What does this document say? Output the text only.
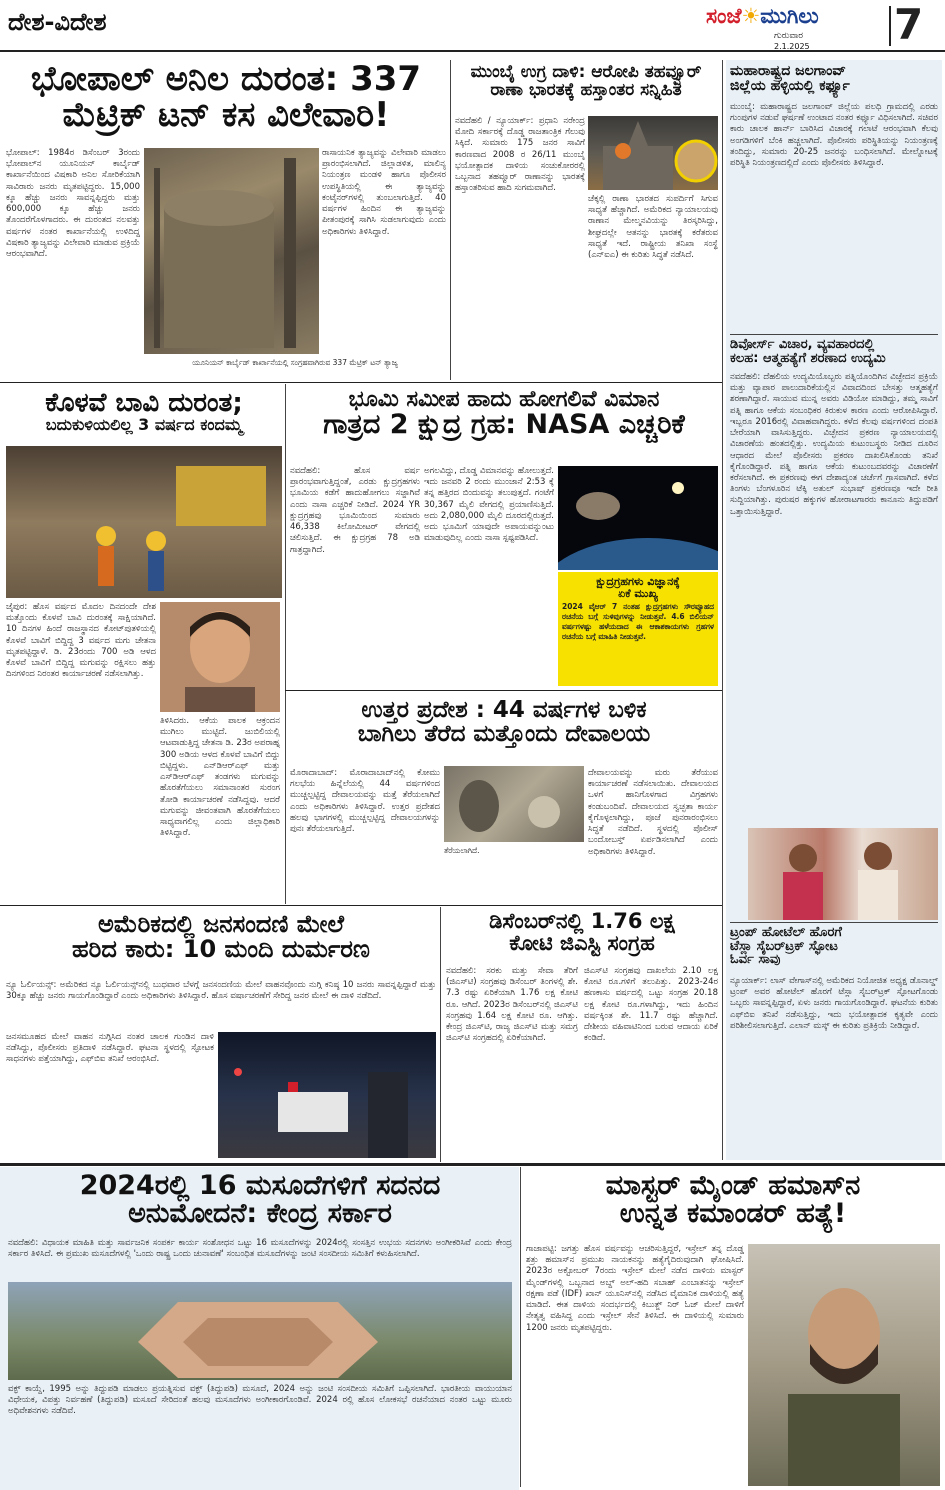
ದೇಶ-ವಿದೇಶ	ಸಂಜೆ☀ಮುಗಿಲು
ಗುರುವಾರ
2.1.2025 7
ಭೋಪಾಲ್ ಅನಿಲ ದುರಂತ: 337
ಮೆಟ್ರಿಕ್ ಟನ್ ಕಸ ವಿಲೇವಾರಿ!
ಭೋಪಾಲ್: 1984ರ ಡಿಸೆಂಬರ್ 3ರಂದು ಭೋಪಾಲ್‌ನ ಯೂನಿಯನ್ ಕಾರ್ಬೈಡ್ ಕಾರ್ಖಾನೆಯಿಂದ ವಿಷಕಾರಿ ಅನಿಲ ಸೋರಿಕೆಯಾಗಿ ಸಾವಿರಾರು ಜನರು ಮೃತಪಟ್ಟಿದ್ದರು. 15,000 ಕ್ಕೂ ಹೆಚ್ಚು ಜನರು ಸಾವನ್ನಪ್ಪಿದ್ದರು ಮತ್ತು 600,000 ಕ್ಕೂ ಹೆಚ್ಚು ಜನರು ತೊಂದರೆಗೊಳಗಾದರು. ಈ ದುರಂತದ ನಲವತ್ತು ವರ್ಷಗಳ ನಂತರ ಕಾರ್ಖಾನೆಯಲ್ಲಿ ಉಳಿದಿದ್ದ ವಿಷಕಾರಿ ತ್ಯಾಜ್ಯವನ್ನು ವಿಲೇವಾರಿ ಮಾಡುವ ಪ್ರಕ್ರಿಯೆ ಆರಂಭವಾಗಿದೆ.
ರಾಸಾಯನಿಕ ತ್ಯಾಜ್ಯವನ್ನು ವಿಲೇವಾರಿ ಮಾಡಲು ಪ್ರಾರಂಭಿಸಲಾಗಿದೆ. ಜಿಲ್ಲಾಡಳಿತ, ಮಾಲಿನ್ಯ ನಿಯಂತ್ರಣ ಮಂಡಳಿ ಹಾಗೂ ಪೊಲೀಸರ ಉಪಸ್ಥಿತಿಯಲ್ಲಿ ಈ ತ್ಯಾಜ್ಯವನ್ನು ಕಂಟೈನರ್‌ಗಳಲ್ಲಿ ತುಂಬಲಾಗುತ್ತಿದೆ. 40 ವರ್ಷಗಳ ಹಿಂದಿನ ಈ ತ್ಯಾಜ್ಯವನ್ನು ಪೀತಂಪುರಕ್ಕೆ ಸಾಗಿಸಿ ಸುಡಲಾಗುವುದು ಎಂದು ಅಧಿಕಾರಿಗಳು ತಿಳಿಸಿದ್ದಾರೆ.
ಯೂನಿಯನ್ ಕಾರ್ಬೈಡ್ ಕಾರ್ಖಾನೆಯಲ್ಲಿ ಸಂಗ್ರಹವಾಗಿರುವ 337 ಮೆಟ್ರಿಕ್ ಟನ್ ತ್ಯಾಜ್ಯ
ಮುಂಬೈ ಉಗ್ರ ದಾಳಿ: ಆರೋಪಿ ತಹವ್ವೂರ್
ರಾಣಾ ಭಾರತಕ್ಕೆ ಹಸ್ತಾಂತರ ಸನ್ನಿಹಿತ
ನವದೆಹಲಿ / ನ್ಯೂಯಾರ್ಕ್: ಪ್ರಧಾನಿ ನರೇಂದ್ರ ಮೋದಿ ಸರ್ಕಾರಕ್ಕೆ ದೊಡ್ಡ ರಾಜತಾಂತ್ರಿಕ ಗೆಲುವು ಸಿಕ್ಕಿದೆ. ಸುಮಾರು 175 ಜನರ ಸಾವಿಗೆ ಕಾರಣವಾದ 2008 ರ 26/11 ಮುಂಬೈ ಭಯೋತ್ಪಾದಕ ದಾಳಿಯ ಸಂಚುಕೋರರಲ್ಲಿ ಒಬ್ಬನಾದ ತಹವ್ವೂರ್ ರಾಣಾನನ್ನು ಭಾರತಕ್ಕೆ ಹಸ್ತಾಂತರಿಸುವ ಹಾದಿ ಸುಗಮವಾಗಿದೆ.
ಚೆಕ್ಕಲ್ಲಿ ರಾಣಾ ಭಾರತದ ಸುಪರ್ದಿಗೆ ಸಿಗುವ ಸಾಧ್ಯತೆ ಹೆಚ್ಚಾಗಿದೆ. ಅಮೆರಿಕದ ನ್ಯಾಯಾಲಯವು ರಾಣಾನ ಮೇಲ್ಮನವಿಯನ್ನು ತಿರಸ್ಕರಿಸಿದ್ದು, ಶೀಘ್ರದಲ್ಲೇ ಆತನನ್ನು ಭಾರತಕ್ಕೆ ಕರೆತರುವ ಸಾಧ್ಯತೆ ಇದೆ. ರಾಷ್ಟ್ರೀಯ ತನಿಖಾ ಸಂಸ್ಥೆ (ಎನ್‌ಐಎ) ಈ ಕುರಿತು ಸಿದ್ಧತೆ ನಡೆಸಿದೆ.
ಮಹಾರಾಷ್ಟ್ರದ ಜಲಗಾಂವ್
ಜಿಲ್ಲೆಯ ಹಳ್ಳಿಯಲ್ಲಿ ಕರ್ಫ್ಯೂ
ಮುಂಬೈ: ಮಹಾರಾಷ್ಟ್ರದ ಜಲಗಾಂವ್ ಜಿಲ್ಲೆಯ ಪಲಧಿ ಗ್ರಾಮದಲ್ಲಿ ಎರಡು ಗುಂಪುಗಳ ನಡುವೆ ಘರ್ಷಣೆ ಉಂಟಾದ ನಂತರ ಕರ್ಫ್ಯೂ ವಿಧಿಸಲಾಗಿದೆ. ಸಚಿವರ ಕಾರು ಚಾಲಕ ಹಾರ್ನ್ ಬಾರಿಸಿದ ವಿಚಾರಕ್ಕೆ ಗಲಾಟೆ ಆರಂಭವಾಗಿ ಕೆಲವು ಅಂಗಡಿಗಳಿಗೆ ಬೆಂಕಿ ಹಚ್ಚಲಾಗಿದೆ. ಪೊಲೀಸರು ಪರಿಸ್ಥಿತಿಯನ್ನು ನಿಯಂತ್ರಣಕ್ಕೆ ತಂದಿದ್ದು, ಸುಮಾರು 20-25 ಜನರನ್ನು ಬಂಧಿಸಲಾಗಿದೆ. ಮೇಲ್ನೋಟಕ್ಕೆ ಪರಿಸ್ಥಿತಿ ನಿಯಂತ್ರಣದಲ್ಲಿದೆ ಎಂದು ಪೊಲೀಸರು ತಿಳಿಸಿದ್ದಾರೆ.
ಡಿವೋರ್ಸ್ ವಿಚಾರ, ವ್ಯವಹಾರದಲ್ಲಿ
ಕಲಹ: ಆತ್ಮಹತ್ಯೆಗೆ ಶರಣಾದ ಉದ್ಯಮಿ
ನವದೆಹಲಿ: ದೆಹಲಿಯ ಉದ್ಯಮಿಯೊಬ್ಬರು ಪತ್ನಿಯೊಂದಿಗಿನ ವಿಚ್ಛೇದನ ಪ್ರಕ್ರಿಯೆ ಮತ್ತು ವ್ಯಾಪಾರ ಪಾಲುದಾರಿಕೆಯಲ್ಲಿನ ವಿವಾದದಿಂದ ಬೇಸತ್ತು ಆತ್ಮಹತ್ಯೆಗೆ ಶರಣಾಗಿದ್ದಾರೆ. ಸಾಯುವ ಮುನ್ನ ಅವರು ವಿಡಿಯೋ ಮಾಡಿದ್ದು, ತಮ್ಮ ಸಾವಿಗೆ ಪತ್ನಿ ಹಾಗೂ ಆಕೆಯ ಸಂಬಂಧಿಕರ ಕಿರುಕುಳ ಕಾರಣ ಎಂದು ಆರೋಪಿಸಿದ್ದಾರೆ. ಇಬ್ಬರೂ 2016ರಲ್ಲಿ ವಿವಾಹವಾಗಿದ್ದರು. ಕಳೆದ ಕೆಲವು ವರ್ಷಗಳಿಂದ ದಂಪತಿ ಬೇರೆಯಾಗಿ ವಾಸಿಸುತ್ತಿದ್ದರು. ವಿಚ್ಛೇದನ ಪ್ರಕರಣ ನ್ಯಾಯಾಲಯದಲ್ಲಿ ವಿಚಾರಣೆಯ ಹಂತದಲ್ಲಿತ್ತು. ಉದ್ಯಮಿಯ ಕುಟುಂಬಸ್ಥರು ನೀಡಿದ ದೂರಿನ ಆಧಾರದ ಮೇಲೆ ಪೊಲೀಸರು ಪ್ರಕರಣ ದಾಖಲಿಸಿಕೊಂಡು ತನಿಖೆ ಕೈಗೊಂಡಿದ್ದಾರೆ. ಪತ್ನಿ ಹಾಗೂ ಆಕೆಯ ಕುಟುಂಬದವರನ್ನು ವಿಚಾರಣೆಗೆ ಕರೆಸಲಾಗಿದೆ. ಈ ಪ್ರಕರಣವು ಈಗ ದೇಶಾದ್ಯಂತ ಚರ್ಚೆಗೆ ಗ್ರಾಸವಾಗಿದೆ. ಕಳೆದ ತಿಂಗಳು ಬೆಂಗಳೂರಿನ ಟೆಕ್ಕಿ ಅತುಲ್ ಸುಭಾಷ್ ಪ್ರಕರಣವೂ ಇದೇ ರೀತಿ ಸುದ್ದಿಯಾಗಿತ್ತು. ಪುರುಷರ ಹಕ್ಕುಗಳ ಹೋರಾಟಗಾರರು ಕಾನೂನು ತಿದ್ದುಪಡಿಗೆ ಒತ್ತಾಯಿಸುತ್ತಿದ್ದಾರೆ.
ಟ್ರಂಪ್ ಹೋಟೆಲ್ ಹೊರಗೆ
ಟೆಸ್ಲಾ ಸೈಬರ್‌ಟ್ರಕ್ ಸ್ಫೋಟ
ಓರ್ವ ಸಾವು
ನ್ಯೂಯಾರ್ಕ್: ಲಾಸ್ ವೇಗಾಸ್‌ನಲ್ಲಿ ಅಮೆರಿಕದ ನಿಯೋಜಿತ ಅಧ್ಯಕ್ಷ ಡೊನಾಲ್ಡ್ ಟ್ರಂಪ್ ಅವರ ಹೋಟೆಲ್ ಹೊರಗೆ ಟೆಸ್ಲಾ ಸೈಬರ್‌ಟ್ರಕ್ ಸ್ಫೋಟಗೊಂಡು ಒಬ್ಬರು ಸಾವನ್ನಪ್ಪಿದ್ದಾರೆ, ಏಳು ಜನರು ಗಾಯಗೊಂಡಿದ್ದಾರೆ. ಘಟನೆಯ ಕುರಿತು ಎಫ್‌ಬಿಐ ತನಿಖೆ ನಡೆಸುತ್ತಿದ್ದು, ಇದು ಭಯೋತ್ಪಾದಕ ಕೃತ್ಯವೇ ಎಂದು ಪರಿಶೀಲಿಸಲಾಗುತ್ತಿದೆ. ಎಲಾನ್ ಮಸ್ಕ್ ಈ ಕುರಿತು ಪ್ರತಿಕ್ರಿಯೆ ನೀಡಿದ್ದಾರೆ.
ಕೊಳವೆ ಬಾವಿ ದುರಂತ;
ಬದುಕುಳಿಯಲಿಲ್ಲ 3 ವರ್ಷದ ಕಂದಮ್ಮ
ಜೈಪುರ: ಹೊಸ ವರ್ಷದ ಮೊದಲ ದಿನದಂದೇ ದೇಶ ಮತ್ತೊಂದು ಕೊಳವೆ ಬಾವಿ ದುರಂತಕ್ಕೆ ಸಾಕ್ಷಿಯಾಗಿದೆ. 10 ದಿನಗಳ ಹಿಂದೆ ರಾಜಸ್ಥಾನದ ಕೋಟ್‌ಪುತಳಿಯಲ್ಲಿ ಕೊಳವೆ ಬಾವಿಗೆ ಬಿದ್ದಿದ್ದ 3 ವರ್ಷದ ಮಗು ಚೇತನಾ ಮೃತಪಟ್ಟಿದ್ದಾಳೆ. ಡಿ. 23ರಂದು 700 ಅಡಿ ಆಳದ ಕೊಳವೆ ಬಾವಿಗೆ ಬಿದ್ದಿದ್ದ ಮಗುವನ್ನು ರಕ್ಷಿಸಲು ಹತ್ತು ದಿನಗಳಿಂದ ನಿರಂತರ ಕಾರ್ಯಾಚರಣೆ ನಡೆಸಲಾಗಿತ್ತು.
ತಿಳಿಸಿದರು. ಆಕೆಯ ಪಾಲಕ ಆಕ್ರಂದನ ಮುಗಿಲು ಮುಟ್ಟಿದೆ. ಜುಬಿಲಿಯಲ್ಲಿ ಆಟವಾಡುತ್ತಿದ್ದ ಚೇತನಾ ಡಿ. 23ರ ಅಪರಾಹ್ನ 300 ಅಡಿಯ ಆಳದ ಕೊಳವೆ ಬಾವಿಗೆ ಬಿದ್ದು ಬಿಟ್ಟಿದ್ದಳು. ಎನ್‌ಡಿಆರ್‌ಎಫ್ ಮತ್ತು ಎಸ್‌ಡಿಆರ್‌ಎಫ್ ತಂಡಗಳು ಮಗುವನ್ನು ಹೊರತೆಗೆಯಲು ಸಮಾನಾಂತರ ಸುರಂಗ ತೋಡಿ ಕಾರ್ಯಾಚರಣೆ ನಡೆಸಿದ್ದವು. ಆದರೆ ಮಗುವನ್ನು ಜೀವಂತವಾಗಿ ಹೊರತೆಗೆಯಲು ಸಾಧ್ಯವಾಗಲಿಲ್ಲ ಎಂದು ಜಿಲ್ಲಾಧಿಕಾರಿ ತಿಳಿಸಿದ್ದಾರೆ.
ಭೂಮಿ ಸಮೀಪ ಹಾದು ಹೋಗಲಿವೆ ವಿಮಾನ
ಗಾತ್ರದ 2 ಕ್ಷುದ್ರ ಗ್ರಹ: NASA ಎಚ್ಚರಿಕೆ
ನವದೆಹಲಿ: ಹೊಸ ವರ್ಷ ಪ್ರಾರಂಭವಾಗುತ್ತಿದ್ದಂತೆ, ಎರಡು ಕ್ಷುದ್ರಗ್ರಹಗಳು ಭೂಮಿಯ ಕಡೆಗೆ ಹಾದುಹೋಗಲು ಸಜ್ಜಾಗಿವೆ ಎಂದು ನಾಸಾ ಎಚ್ಚರಿಕೆ ನೀಡಿದೆ. 2024 YR ಕ್ಷುದ್ರಗ್ರಹವು ಭೂಮಿಯಿಂದ ಸುಮಾರು 46,338 ಕಿಲೋಮೀಟರ್ ವೇಗದಲ್ಲಿ ಚಲಿಸುತ್ತಿದೆ. ಈ ಕ್ಷುದ್ರಗ್ರಹ 78 ಅಡಿ ಗಾತ್ರದ್ದಾಗಿದೆ.
ಅಗಲವಿದ್ದು, ದೊಡ್ಡ ವಿಮಾನವನ್ನು ಹೋಲುತ್ತದೆ. ಇದು ಜನವರಿ 2 ರಂದು ಮುಂಜಾನೆ 2:53 ಕ್ಕೆ ತನ್ನ ಹತ್ತಿರದ ಬಿಂದುವನ್ನು ತಲುಪುತ್ತದೆ. ಗಂಟೆಗೆ 30,367 ಮೈಲಿ ವೇಗದಲ್ಲಿ ಪ್ರಯಾಣಿಸುತ್ತಿದೆ. ಅದು 2,080,000 ಮೈಲಿ ದೂರದಲ್ಲಿರುತ್ತದೆ. ಅದು ಭೂಮಿಗೆ ಯಾವುದೇ ಅಪಾಯವನ್ನುಂಟು ಮಾಡುವುದಿಲ್ಲ ಎಂದು ನಾಸಾ ಸ್ಪಷ್ಟಪಡಿಸಿದೆ.
ಕ್ಷುದ್ರಗ್ರಹಗಳು ವಿಜ್ಞಾನಕ್ಕೆ
ಏಕೆ ಮುಖ್ಯ
2024 ವೈಆರ್ 7 ನಂತಹ ಕ್ಷುದ್ರಗ್ರಹಗಳು ಸೌರವ್ಯೂಹದ ರಚನೆಯ ಬಗ್ಗೆ ಸುಳಿವುಗಳನ್ನು ನೀಡುತ್ತವೆ. 4.6 ಬಿಲಿಯನ್ ವರ್ಷಗಳಷ್ಟು ಹಳೆಯದಾದ ಈ ಆಕಾಶಕಾಯಗಳು ಗ್ರಹಗಳ ರಚನೆಯ ಬಗ್ಗೆ ಮಾಹಿತಿ ನೀಡುತ್ತವೆ.
ಉತ್ತರ ಪ್ರದೇಶ : 44 ವರ್ಷಗಳ ಬಳಿಕ
ಬಾಗಿಲು ತೆರೆದ ಮತ್ತೊಂದು ದೇವಾಲಯ
ಮೊರಾದಾಬಾದ್: ಮೊರಾದಾಬಾದ್‌ನಲ್ಲಿ ಕೋಮು ಗಲಭೆಯ ಹಿನ್ನೆಲೆಯಲ್ಲಿ 44 ವರ್ಷಗಳಿಂದ ಮುಚ್ಚಲ್ಪಟ್ಟಿದ್ದ ದೇವಾಲಯವನ್ನು ಮತ್ತೆ ತೆರೆಯಲಾಗಿದೆ ಎಂದು ಅಧಿಕಾರಿಗಳು ತಿಳಿಸಿದ್ದಾರೆ. ಉತ್ತರ ಪ್ರದೇಶದ ಹಲವು ಭಾಗಗಳಲ್ಲಿ ಮುಚ್ಚಲ್ಪಟ್ಟಿದ್ದ ದೇವಾಲಯಗಳನ್ನು ಪುನಃ ತೆರೆಯಲಾಗುತ್ತಿದೆ.
ತೆರೆಯಲಾಗಿದೆ.
ದೇವಾಲಯವನ್ನು ಮರು ತೆರೆಯುವ ಕಾರ್ಯಾಚರಣೆ ನಡೆಸಲಾಯಿತು. ದೇವಾಲಯದ ಒಳಗೆ ಹಾನಿಗೊಳಗಾದ ವಿಗ್ರಹಗಳು ಕಂಡುಬಂದಿವೆ. ದೇವಾಲಯದ ಸ್ವಚ್ಛತಾ ಕಾರ್ಯ ಕೈಗೊಳ್ಳಲಾಗಿದ್ದು, ಪೂಜೆ ಪುನರಾರಂಭಿಸಲು ಸಿದ್ಧತೆ ನಡೆದಿದೆ. ಸ್ಥಳದಲ್ಲಿ ಪೊಲೀಸ್ ಬಂದೋಬಸ್ತ್ ಏರ್ಪಡಿಸಲಾಗಿದೆ ಎಂದು ಅಧಿಕಾರಿಗಳು ತಿಳಿಸಿದ್ದಾರೆ.
ಅಮೆರಿಕದಲ್ಲಿ ಜನಸಂದಣಿ ಮೇಲೆ
ಹರಿದ ಕಾರು: 10 ಮಂದಿ ದುರ್ಮರಣ
ನ್ಯೂ ಓರ್ಲಿಯನ್ಸ್: ಅಮೆರಿಕದ ನ್ಯೂ ಓರ್ಲಿಯನ್ಸ್‌ನಲ್ಲಿ ಬುಧವಾರ ಬೆಳಗ್ಗೆ ಜನಸಂದಣಿಯ ಮೇಲೆ ವಾಹನವೊಂದು ನುಗ್ಗಿ ಕನಿಷ್ಠ 10 ಜನರು ಸಾವನ್ನಪ್ಪಿದ್ದಾರೆ ಮತ್ತು 30ಕ್ಕೂ ಹೆಚ್ಚು ಜನರು ಗಾಯಗೊಂಡಿದ್ದಾರೆ ಎಂದು ಅಧಿಕಾರಿಗಳು ತಿಳಿಸಿದ್ದಾರೆ. ಹೊಸ ವರ್ಷಾಚರಣೆಗೆ ಸೇರಿದ್ದ ಜನರ ಮೇಲೆ ಈ ದಾಳಿ ನಡೆದಿದೆ.
ಜನಸಮೂಹದ ಮೇಲೆ ವಾಹನ ನುಗ್ಗಿಸಿದ ನಂತರ ಚಾಲಕ ಗುಂಡಿನ ದಾಳಿ ನಡೆಸಿದ್ದು, ಪೊಲೀಸರು ಪ್ರತಿದಾಳಿ ನಡೆಸಿದ್ದಾರೆ. ಘಟನಾ ಸ್ಥಳದಲ್ಲಿ ಸ್ಫೋಟಕ ಸಾಧನಗಳು ಪತ್ತೆಯಾಗಿದ್ದು, ಎಫ್‌ಬಿಐ ತನಿಖೆ ಆರಂಭಿಸಿದೆ.
ಡಿಸೆಂಬರ್‌ನಲ್ಲಿ 1.76 ಲಕ್ಷ
ಕೋಟಿ ಜಿಎಸ್ಟಿ ಸಂಗ್ರಹ
ನವದೆಹಲಿ: ಸರಕು ಮತ್ತು ಸೇವಾ ತೆರಿಗೆ (ಜಿಎಸ್‌ಟಿ) ಸಂಗ್ರಹವು ಡಿಸೆಂಬರ್ ತಿಂಗಳಲ್ಲಿ ಶೇ. 7.3 ರಷ್ಟು ಏರಿಕೆಯಾಗಿ 1.76 ಲಕ್ಷ ಕೋಟಿ ರೂ. ಆಗಿದೆ. 2023ರ ಡಿಸೆಂಬರ್‌ನಲ್ಲಿ ಜಿಎಸ್‌ಟಿ ಸಂಗ್ರಹವು 1.64 ಲಕ್ಷ ಕೋಟಿ ರೂ. ಆಗಿತ್ತು. ಕೇಂದ್ರ ಜಿಎಸ್‌ಟಿ, ರಾಜ್ಯ ಜಿಎಸ್‌ಟಿ ಮತ್ತು ಸಮಗ್ರ ಜಿಎಸ್‌ಟಿ ಸಂಗ್ರಹದಲ್ಲಿ ಏರಿಕೆಯಾಗಿದೆ.
ಜಿಎಸ್‌ಟಿ ಸಂಗ್ರಹವು ದಾಖಲೆಯ 2.10 ಲಕ್ಷ ಕೋಟಿ ರೂ.ಗಳಿಗೆ ತಲುಪಿತ್ತು. 2023-24ರ ಹಣಕಾಸು ವರ್ಷದಲ್ಲಿ ಒಟ್ಟು ಸಂಗ್ರಹ 20.18 ಲಕ್ಷ ಕೋಟಿ ರೂ.ಗಳಾಗಿದ್ದು, ಇದು ಹಿಂದಿನ ವರ್ಷಕ್ಕಿಂತ ಶೇ. 11.7 ರಷ್ಟು ಹೆಚ್ಚಾಗಿದೆ. ದೇಶೀಯ ವಹಿವಾಟಿನಿಂದ ಬರುವ ಆದಾಯ ಏರಿಕೆ ಕಂಡಿದೆ.
2024ರಲ್ಲಿ 16 ಮಸೂದೆಗಳಿಗೆ ಸದನದ
ಅನುಮೋದನೆ: ಕೇಂದ್ರ ಸರ್ಕಾರ
ನವದೆಹಲಿ: ವಿಧಾಯಕ ಮಾಹಿತಿ ಮತ್ತು ಸಾರ್ವಜನಿಕ ಸಂಪರ್ಕ ಕಾರ್ಯ ಸಂಶೋಧನ ಒಟ್ಟು 16 ಮಸೂದೆಗಳನ್ನು 2024ರಲ್ಲಿ ಸಂಸತ್ತಿನ ಉಭಯ ಸದನಗಳು ಅಂಗೀಕರಿಸಿವೆ ಎಂದು ಕೇಂದ್ರ ಸರ್ಕಾರ ತಿಳಿಸಿದೆ. ಈ ಪ್ರಮುಖ ಮಸೂದೆಗಳಲ್ಲಿ 'ಒಂದು ರಾಷ್ಟ್ರ ಒಂದು ಚುನಾವಣೆ' ಸಂಬಂಧಿತ ಮಸೂದೆಗಳನ್ನು ಜಂಟಿ ಸಂಸದೀಯ ಸಮಿತಿಗೆ ಕಳುಹಿಸಲಾಗಿದೆ.
ವಕ್ಫ್ ಕಾಯ್ದೆ, 1995 ಅನ್ನು ತಿದ್ದುಪಡಿ ಮಾಡಲು ಪ್ರಯತ್ನಿಸುವ ವಕ್ಫ್ (ತಿದ್ದುಪಡಿ) ಮಸೂದೆ, 2024 ಅನ್ನು ಜಂಟಿ ಸಂಸದೀಯ ಸಮಿತಿಗೆ ಒಪ್ಪಿಸಲಾಗಿದೆ. ಭಾರತೀಯ ವಾಯುಯಾನ ವಿಧೇಯಕ, ವಿಪತ್ತು ನಿರ್ವಹಣೆ (ತಿದ್ದುಪಡಿ) ಮಸೂದೆ ಸೇರಿದಂತೆ ಹಲವು ಮಸೂದೆಗಳು ಅಂಗೀಕಾರಗೊಂಡಿವೆ. 2024 ರಲ್ಲಿ ಹೊಸ ಲೋಕಸಭೆ ರಚನೆಯಾದ ನಂತರ ಒಟ್ಟು ಮೂರು ಅಧಿವೇಶನಗಳು ನಡೆದಿವೆ.
ಮಾಸ್ಟರ್ ಮೈಂಡ್ ಹಮಾಸ್‌ನ
ಉನ್ನತ ಕಮಾಂಡರ್ ಹತ್ಯೆ!
ಗಾಜಾಪಟ್ಟಿ: ಜಗತ್ತು ಹೊಸ ವರ್ಷವನ್ನು ಆಚರಿಸುತ್ತಿದ್ದರೆ, ಇಸ್ರೇಲ್ ತನ್ನ ದೊಡ್ಡ ಶತ್ರು ಹಮಾಸ್‌ನ ಪ್ರಮುಖ ನಾಯಕನನ್ನು ಹತ್ಯೆಗೈದಿರುವುದಾಗಿ ಘೋಷಿಸಿದೆ. 2023ರ ಅಕ್ಟೋಬರ್ 7ರಂದು ಇಸ್ರೇಲ್ ಮೇಲೆ ನಡೆದ ದಾಳಿಯ ಮಾಸ್ಟರ್ ಮೈಂಡ್‌ಗಳಲ್ಲಿ ಒಬ್ಬನಾದ ಅಬ್ದ್ ಅಲ್-ಹದಿ ಸಬಾಹ್ ಎಂಬಾತನನ್ನು ಇಸ್ರೇಲ್ ರಕ್ಷಣಾ ಪಡೆ (IDF) ಖಾನ್ ಯೂನಿಸ್‌ನಲ್ಲಿ ನಡೆಸಿದ ವೈಮಾನಿಕ ದಾಳಿಯಲ್ಲಿ ಹತ್ಯೆ ಮಾಡಿದೆ. ಈತ ದಾಳಿಯ ಸಂದರ್ಭದಲ್ಲಿ ಕಿಬುತ್ಜ್ ನಿರ್ ಓಜ್ ಮೇಲೆ ದಾಳಿಗೆ ನೇತೃತ್ವ ವಹಿಸಿದ್ದ ಎಂದು ಇಸ್ರೇಲ್ ಸೇನೆ ತಿಳಿಸಿದೆ. ಈ ದಾಳಿಯಲ್ಲಿ ಸುಮಾರು 1200 ಜನರು ಮೃತಪಟ್ಟಿದ್ದರು.
